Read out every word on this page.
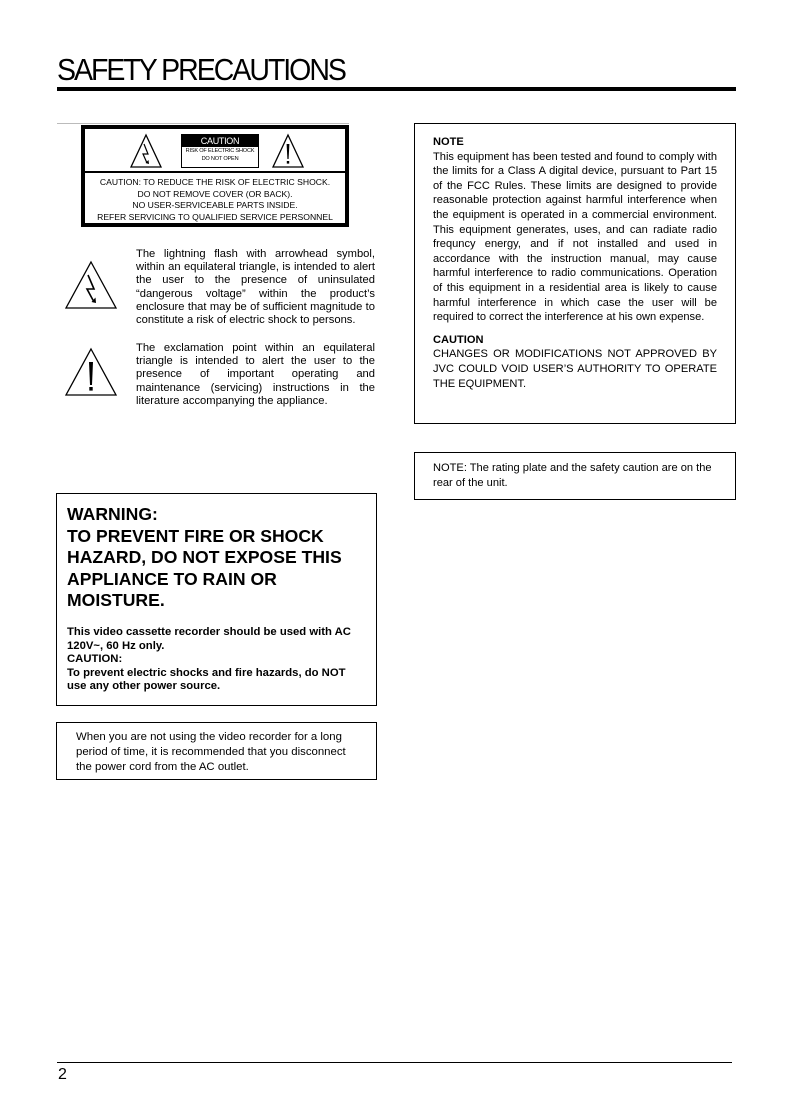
SAFETY PRECAUTIONS
CAUTION
RISK OF ELECTRIC SHOCK
DO NOT OPEN
CAUTION: TO REDUCE THE RISK OF ELECTRIC SHOCK.
DO NOT REMOVE COVER (OR BACK).
NO USER-SERVICEABLE PARTS INSIDE.
REFER SERVICING TO QUALIFIED SERVICE PERSONNEL
The lightning flash with arrowhead symbol, within an equilateral triangle, is intended to alert the user to the presence of uninsulated “dangerous voltage” within the product’s enclosure that may be of sufficient magnitude to constitute a risk of electric shock to persons.
The exclamation point within an equilateral triangle is intended to alert the user to the presence of important operating and maintenance (servicing) instructions in the literature accompanying the appliance.
NOTE
This equipment has been tested and found to comply with the limits for a Class A digital device, pursuant to Part 15 of the FCC Rules. These limits are designed to provide reasonable protection against harmful interference when the equipment is operated in a commercial environment. This equipment generates, uses, and can radiate radio frequncy energy, and if not installed and used in accordance with the instruction manual, may cause harmful interference to radio communications. Operation of this equipment in a residential area is likely to cause harmful interference in which case the user will be required to correct the interference at his own expense.
CAUTION
CHANGES OR MODIFICATIONS NOT APPROVED BY JVC COULD VOID USER’S AUTHORITY TO OPERATE THE EQUIPMENT.
NOTE: The rating plate and the safety caution are on the rear of the unit.
WARNING:
TO PREVENT FIRE OR SHOCK
HAZARD, DO NOT EXPOSE THIS
APPLIANCE TO RAIN OR
MOISTURE.
This video cassette recorder should be used with AC 120V~, 60 Hz only.
CAUTION:
To prevent electric shocks and fire hazards, do NOT use any other power source.
When you are not using the video recorder for a long period of time, it is recommended that you disconnect the power cord from the AC outlet.
2
